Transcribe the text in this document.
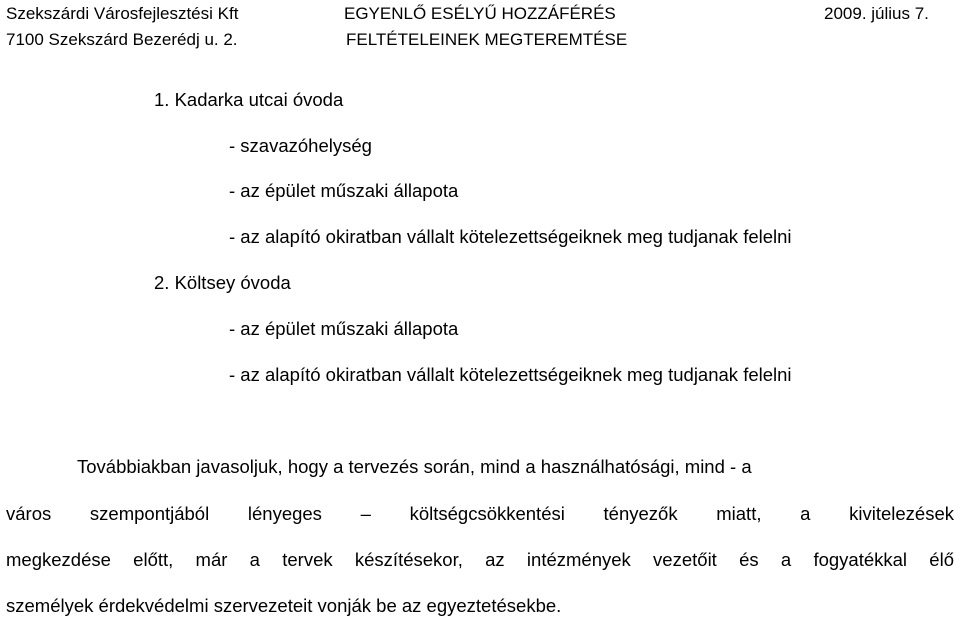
Szekszárdi Városfejlesztési Kft
7100 Szekszárd Bezerédj u. 2.
EGYENLŐ ESÉLYŰ HOZZÁFÉRÉS
FELTÉTELEINEK MEGTEREMTÉSE
2009. július 7.
1. Kadarka utcai óvoda
- szavazóhelység
- az épület műszaki állapota
- az alapító okiratban vállalt kötelezettségeiknek meg tudjanak felelni
2. Költsey óvoda
- az épület műszaki állapota
- az alapító okiratban vállalt kötelezettségeiknek meg tudjanak felelni
Továbbiakban javasoljuk, hogy a tervezés során, mind a használhatósági, mind - a
város szempontjából lényeges – költségcsökkentési tényezők miatt, a kivitelezések
megkezdése előtt, már a tervek készítésekor, az intézmények vezetőit és a fogyatékkal élő
személyek érdekvédelmi szervezeteit vonják be az egyeztetésekbe.
